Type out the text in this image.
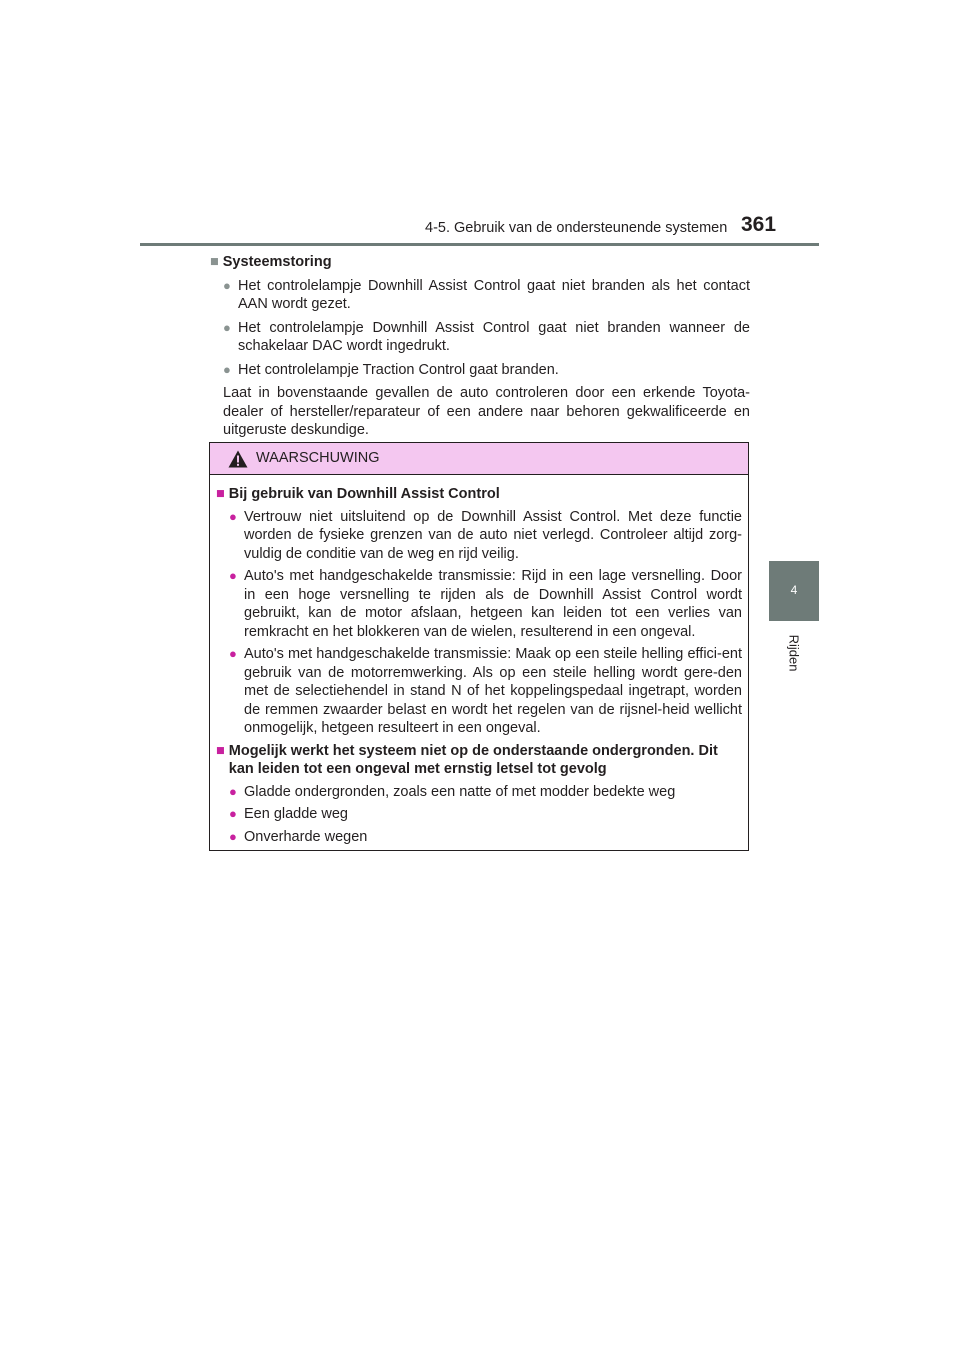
4-5. Gebruik van de ondersteunende systemen 361
4
Rijden
■ Systeemstoring
● Het controlelampje Downhill Assist Control gaat niet branden als het contact AAN wordt gezet.
● Het controlelampje Downhill Assist Control gaat niet branden wanneer de schakelaar DAC wordt ingedrukt.
● Het controlelampje Traction Control gaat branden.
Laat in bovenstaande gevallen de auto controleren door een erkende Toyota-dealer of hersteller/reparateur of een andere naar behoren gekwalificeerde en uitgeruste deskundige.
WAARSCHUWING
■ Bij gebruik van Downhill Assist Control
● Vertrouw niet uitsluitend op de Downhill Assist Control. Met deze functie worden de fysieke grenzen van de auto niet verlegd. Controleer altijd zorg-vuldig de conditie van de weg en rijd veilig.
● Auto's met handgeschakelde transmissie: Rijd in een lage versnelling. Door in een hoge versnelling te rijden als de Downhill Assist Control wordt gebruikt, kan de motor afslaan, hetgeen kan leiden tot een verlies van remkracht en het blokkeren van de wielen, resulterend in een ongeval.
● Auto's met handgeschakelde transmissie: Maak op een steile helling effici-ent gebruik van de motorremwerking. Als op een steile helling wordt gere-den met de selectiehendel in stand N of het koppelingspedaal ingetrapt, worden de remmen zwaarder belast en wordt het regelen van de rijsnel-heid wellicht onmogelijk, hetgeen resulteert in een ongeval.
■ Mogelijk werkt het systeem niet op de onderstaande ondergronden. Dit kan leiden tot een ongeval met ernstig letsel tot gevolg
● Gladde ondergronden, zoals een natte of met modder bedekte weg
● Een gladde weg
● Onverharde wegen
